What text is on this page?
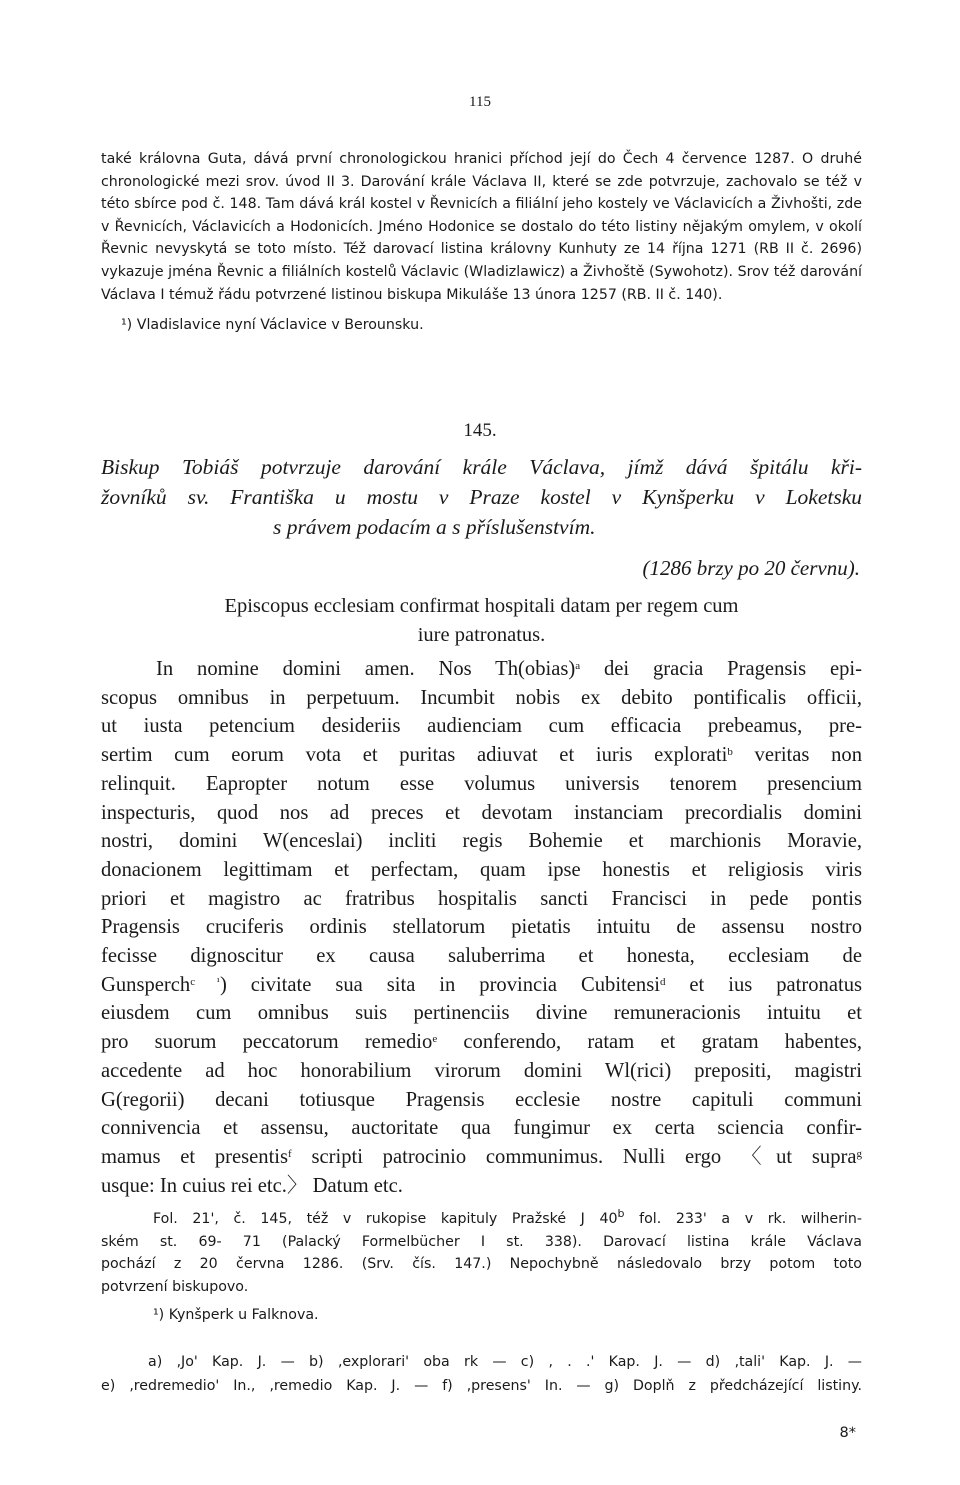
115
také královna Guta, dává první chronologickou hranici příchod její do Čech 4 července 1287. O druhé chronologické mezi srov. úvod II 3. Darování krále Václava II, které se zde potvrzuje, zachovalo se též v této sbírce pod č. 148. Tam dává král kostel v Řevnicích a filiální jeho kostely ve Václavicích a Živhošti, zde v Řevnicích, Václavicích a Hodonicích. Jméno Hodonice se dostalo do této listiny nějakým omylem, v okolí Řevnic nevyskytá se toto místo. Též darovací listina královny Kunhuty ze 14 října 1271 (RB II č. 2696) vykazuje jména Řevnic a filiálních kostelů Václavic (Wladizlawicz) a Živhoště (Sywohotz). Srov též darování Václava I témuž řádu potvrzené listinou biskupa Mikuláše 13 února 1257 (RB. II č. 140).
¹) Vladislavice nyní Václavice v Berounsku.
145.
Biskup Tobiáš potvrzuje darování krále Václava, jímž dává špitálu kři-
žovníků sv. Františka u mostu v Praze kostel v Kynšperku v Loketsku
s právem podacím a s příslušenstvím.
(1286 brzy po 20 červnu).
Episcopus ecclesiam confirmat hospitali datam per regem cum
iure patronatus.
In nomine domini amen. Nos Th(obias)$^a$ dei gracia Pragensis epi-
scopus omnibus in perpetuum. Incumbit nobis ex debito pontificalis officii,
ut iusta petencium desideriis audienciam cum efficacia prebeamus, pre-
sertim cum eorum vota et puritas adiuvat et iuris explorati$^b$ veritas non
relinquit. Eapropter notum esse volumus universis tenorem presencium
inspecturis, quod nos ad preces et devotam instanciam precordialis domini
nostri, domini W(enceslai) incliti regis Bohemie et marchionis Moravie,
donacionem legittimam et perfectam, quam ipse honestis et religiosis viris
priori et magistro ac fratribus hospitalis sancti Francisci in pede pontis
Pragensis cruciferis ordinis stellatorum pietatis intuitu de assensu nostro
fecisse dignoscitur ex causa saluberrima et honesta, ecclesiam de
Gunsperch$^{c ^1}$) civitate sua sita in provincia Cubitensi$^d$ et ius patronatus
eiusdem cum omnibus suis pertinenciis divine remuneracionis intuitu et
pro suorum peccatorum remedio$^e$ conferendo, ratam et gratam habentes,
accedente ad hoc honorabilium virorum domini Wl(rici) prepositi, magistri
G(regorii) decani totiusque Pragensis ecclesie nostre capituli communi
connivencia et assensu, auctoritate qua fungimur ex certa sciencia confir-
mamus et presentis$^f$ scripti patrocinio communimus. Nulli ergo 〈ut supra$^g$
usque: In cuius rei etc.〉 Datum etc.
Fol. 21', č. 145, též v rukopise kapituly Pražské J 40$^b$ fol. 233' a v rk. wilherin-
ském st. 69- 71 (Palacký Formelbücher I st. 338). Darovací listina krále Václava
pochází z 20 června 1286. (Srv. čís. 147.) Nepochybně následovalo brzy potom toto
potvrzení biskupovo.
¹) Kynšperk u Falknova.
a) ‚Jo' Kap. J. — b) ‚explorari' oba rk — c) ‚ . .' Kap. J. — d) ‚tali' Kap. J. —
e) ‚redremedio' In., ‚remedio Kap. J. — f) ‚presens' In. — g) Doplň z předcházející listiny.
8*
